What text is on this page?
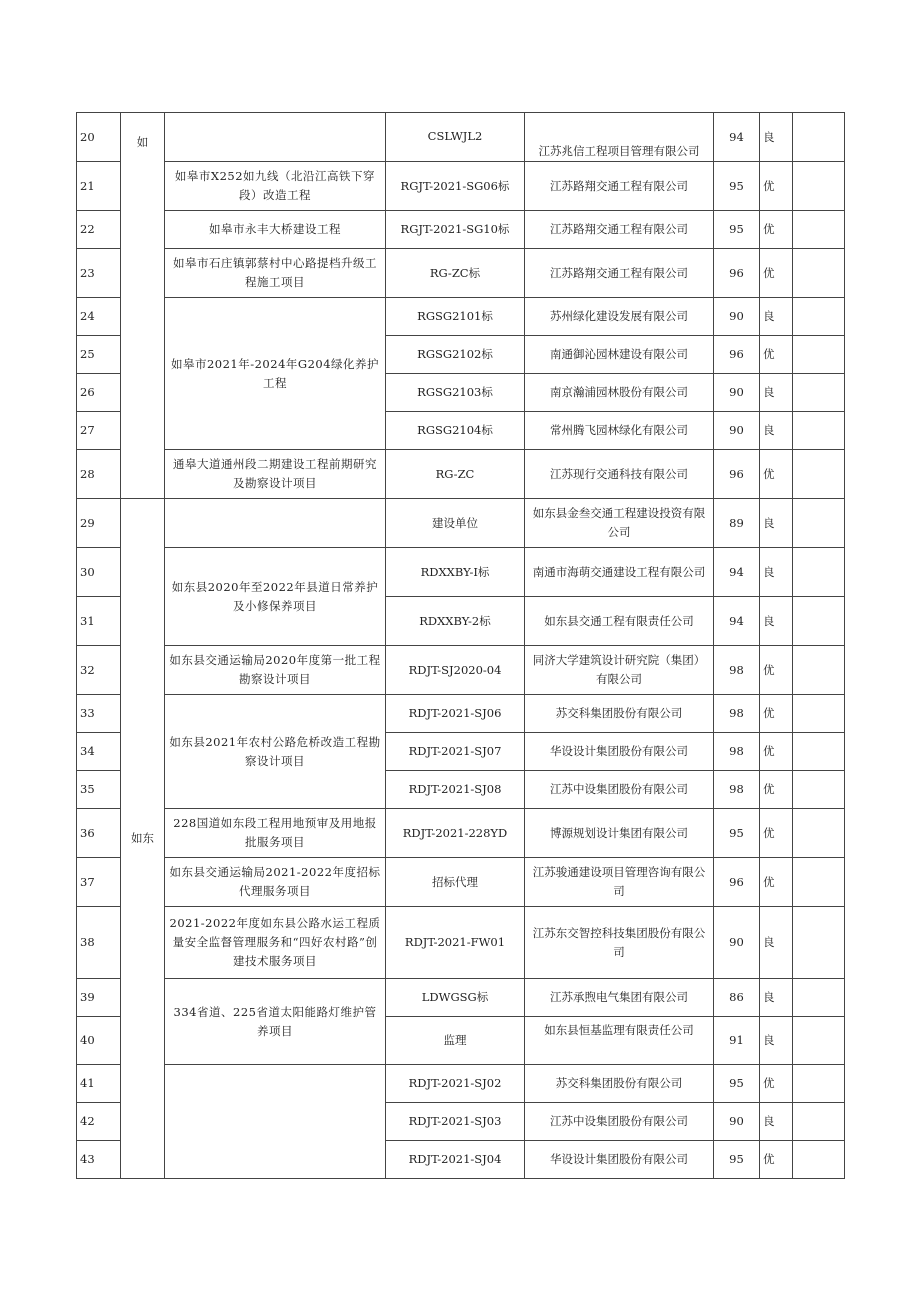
20	如		CSLWJL2	江苏兆信工程项目管理有限公司	94	良	
21		如皋市X252如九线（北沿江高铁下穿段）改造工程	RGJT-2021-SG06标	江苏路翔交通工程有限公司	95	优	
22		如皋市永丰大桥建设工程	RGJT-2021-SG10标	江苏路翔交通工程有限公司	95	优	
23		如皋市石庄镇郭蔡村中心路提档升级工程施工项目	RG-ZC标	江苏路翔交通工程有限公司	96	优	
24		如皋市2021年-2024年G204绿化养护工程	RGSG2101标	苏州绿化建设发展有限公司	90	良	
25			RGSG2102标	南通御沁园林建设有限公司	96	优	
26			RGSG2103标	南京瀚浦园林股份有限公司	90	良	
27			RGSG2104标	常州腾飞园林绿化有限公司	90	良	
28		通皋大道通州段二期建设工程前期研究及勘察设计项目	RG-ZC	江苏现行交通科技有限公司	96	优	
29	如东		建设单位	如东县金叁交通工程建设投资有限公司	89	良	
30		如东县2020年至2022年县道日常养护及小修保养项目	RDXXBY-I标	南通市海萌交通建设工程有限公司	94	良	
31			RDXXBY-2标	如东县交通工程有限责任公司	94	良	
32		如东县交通运输局2020年度第一批工程勘察设计项目	RDJT-SJ2020-04	同济大学建筑设计研究院（集团）有限公司	98	优	
33		如东县2021年农村公路危桥改造工程勘察设计项目	RDJT-2021-SJ06	苏交科集团股份有限公司	98	优	
34			RDJT-2021-SJ07	华设设计集团股份有限公司	98	优	
35			RDJT-2021-SJ08	江苏中设集团股份有限公司	98	优	
36		228国道如东段工程用地预审及用地报批服务项目	RDJT-2021-228YD	博源规划设计集团有限公司	95	优	
37		如东县交通运输局2021-2022年度招标代理服务项目	招标代理	江苏骏通建设项目管理咨询有限公司	96	优	
38		2021-2022年度如东县公路水运工程质量安全监督管理服务和“四好农村路”创建技术服务项目	RDJT-2021-FW01	江苏东交智控科技集团股份有限公司	90	良	
39		334省道、225省道太阳能路灯维护管养项目	LDWGSG标	江苏承煦电气集团有限公司	86	良	
40			监理	如东县恒基监理有限责任公司	91	良	
41			RDJT-2021-SJ02	苏交科集团股份有限公司	95	优	
42			RDJT-2021-SJ03	江苏中设集团股份有限公司	90	良	
43			RDJT-2021-SJ04	华设设计集团股份有限公司	95	优	
